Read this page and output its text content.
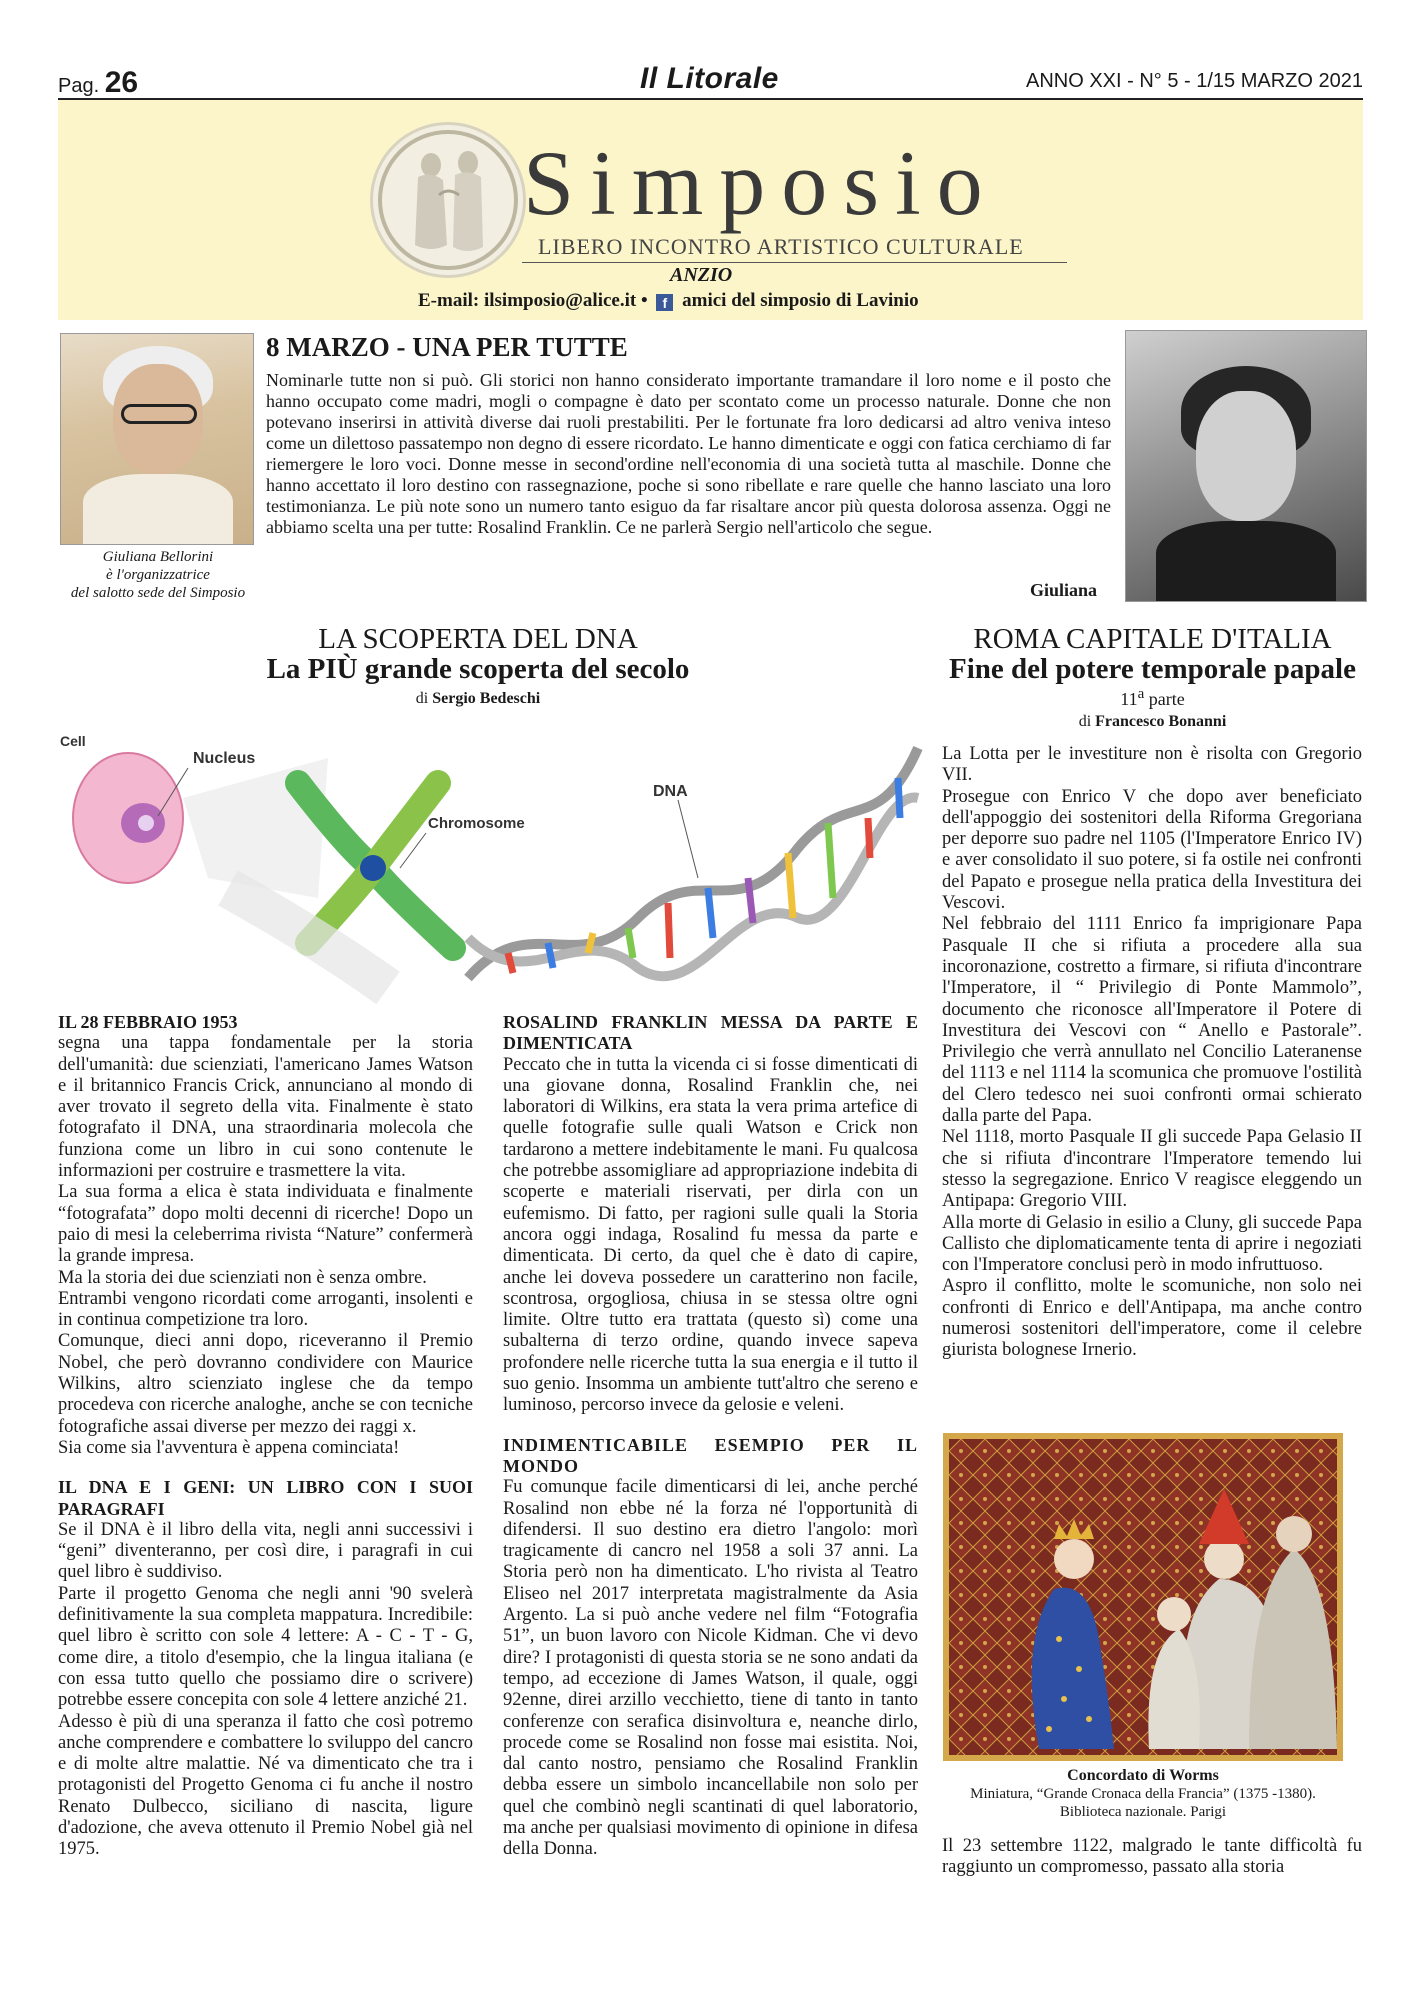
Pag. 26	Il Litorale	ANNO XXI - N° 5 - 1/15 MARZO 2021
Simposio
LIBERO INCONTRO ARTISTICO CULTURALE
ANZIO
E-mail: ilsimposio@alice.it • f amici del simposio di Lavinio
Giuliana Bellorini
è l'organizzatrice
del salotto sede del Simposio
8 MARZO - UNA PER TUTTE
Nominarle tutte non si può. Gli storici non hanno considerato importante tramandare il loro nome e il posto che hanno occupato come madri, mogli o compagne è dato per scontato come un processo naturale. Donne che non potevano inserirsi in attività diverse dai ruoli prestabiliti. Per le fortunate fra loro dedicarsi ad altro veniva inteso come un dilettoso passatempo non degno di essere ricordato. Le hanno dimenticate e oggi con fatica cerchiamo di far riemergere le loro voci. Donne messe in second'ordine nell'economia di una società tutta al maschile. Donne che hanno accettato il loro destino con rassegnazione, poche si sono ribellate e rare quelle che hanno lasciato una loro testimonianza. Le più note sono un numero tanto esiguo da far risaltare ancor più questa dolorosa assenza. Oggi ne abbiamo scelta una per tutte: Rosalind Franklin. Ce ne parlerà Sergio nell'articolo che segue.
Giuliana
LA SCOPERTA DEL DNA
La PIÙ grande scoperta del secolo
di Sergio Bedeschi
Cell
Nucleus
Chromosome
DNA

IL 28 FEBBRAIO 1953

segna una tappa fondamentale per la storia dell'umanità: due scienziati, l'americano James Watson e il britannico Francis Crick, annunciano al mondo di aver trovato il segreto della vita. Finalmente è stato fotografato il DNA, una straordinaria molecola che funziona come un libro in cui sono contenute le informazioni per costruire e trasmettere la vita.

La sua forma a elica è stata individuata e finalmente “fotografata” dopo molti decenni di ricerche! Dopo un paio di mesi la celeberrima rivista “Nature” confermerà la grande impresa.

Ma la storia dei due scienziati non è senza ombre.

Entrambi vengono ricordati come arroganti, insolenti e in continua competizione tra loro.

Comunque, dieci anni dopo, riceveranno il Premio Nobel, che però dovranno condividere con Maurice Wilkins, altro scienziato inglese che da tempo procedeva con ricerche analoghe, anche se con tecniche fotografiche assai diverse per mezzo dei raggi x.

Sia come sia l'avventura è appena cominciata!

IL DNA E I GENI: UN LIBRO CON I SUOI PARAGRAFI

Se il DNA è il libro della vita, negli anni successivi i “geni” diventeranno, per così dire, i paragrafi in cui quel libro è suddiviso.

Parte il progetto Genoma che negli anni '90 svelerà definitivamente la sua completa mappatura. Incredibile: quel libro è scritto con sole 4 lettere: A - C - T - G, come dire, a titolo d'esempio, che la lingua italiana (e con essa tutto quello che possiamo dire o scrivere) potrebbe essere concepita con sole 4 lettere anziché 21.

Adesso è più di una speranza il fatto che così potremo anche comprendere e combattere lo sviluppo del cancro e di molte altre malattie. Né va dimenticato che tra i protagonisti del Progetto Genoma ci fu anche il nostro Renato Dulbecco, siciliano di nascita, ligure d'adozione, che aveva ottenuto il Premio Nobel già nel 1975.

ROSALIND FRANKLIN MESSA DA PARTE E DIMENTICATA

Peccato che in tutta la vicenda ci si fosse dimenticati di una giovane donna, Rosalind Franklin che, nei laboratori di Wilkins, era stata la vera prima artefice di quelle fotografie sulle quali Watson e Crick non tardarono a mettere indebitamente le mani. Fu qualcosa che potrebbe assomigliare ad appropriazione indebita di scoperte e materiali riservati, per dirla con un eufemismo. Di fatto, per ragioni sulle quali la Storia ancora oggi indaga, Rosalind fu messa da parte e dimenticata. Di certo, da quel che è dato di capire, anche lei doveva possedere un caratterino non facile, scontrosa, orgogliosa, chiusa in se stessa oltre ogni limite. Oltre tutto era trattata (questo sì) come una subalterna di terzo ordine, quando invece sapeva profondere nelle ricerche tutta la sua energia e il tutto il suo genio. Insomma un ambiente tutt'altro che sereno e luminoso, percorso invece da gelosie e veleni.

INDIMENTICABILE ESEMPIO PER IL MONDO

Fu comunque facile dimenticarsi di lei, anche perché Rosalind non ebbe né la forza né l'opportunità di difendersi. Il suo destino era dietro l'angolo: morì tragicamente di cancro nel 1958 a soli 37 anni. La Storia però non ha dimenticato. L'ho rivista al Teatro Eliseo nel 2017 interpretata magistralmente da Asia Argento. La si può anche vedere nel film “Fotografia 51”, un buon lavoro con Nicole Kidman. Che vi devo dire? I protagonisti di questa storia se ne sono andati da tempo, ad eccezione di James Watson, il quale, oggi 92enne, direi arzillo vecchietto, tiene di tanto in tanto conferenze con serafica disinvoltura e, neanche dirlo, procede come se Rosalind non fosse mai esistita. Noi, dal canto nostro, pensiamo che Rosalind Franklin debba essere un simbolo incancellabile non solo per quel che combinò negli scantinati di quel laboratorio, ma anche per qualsiasi movimento di opinione in difesa della Donna.

ROMA CAPITALE D'ITALIA
Fine del potere temporale papale
11$^a$ parte
di Francesco Bonanni

La Lotta per le investiture non è risolta con Gregorio VII.

Prosegue con Enrico V che dopo aver beneficiato dell'appoggio dei sostenitori della Riforma Gregoriana per deporre suo padre nel 1105 (l'Imperatore Enrico IV) e aver consolidato il suo potere, si fa ostile nei confronti del Papato e prosegue nella pratica della Investitura dei Vescovi.

Nel febbraio del 1111 Enrico fa imprigionare Papa Pasquale II che si rifiuta a procedere alla sua incoronazione, costretto a firmare, si rifiuta d'incontrare l'Imperatore, il “ Privilegio di Ponte Mammolo”, documento che riconosce all'Imperatore il Potere di Investitura dei Vescovi con “ Anello e Pastorale”. Privilegio che verrà annullato nel Concilio Lateranense del 1113 e nel 1114 la scomunica che promuove l'ostilità del Clero tedesco nei suoi confronti ormai schierato dalla parte del Papa.

Nel 1118, morto Pasquale II gli succede Papa Gelasio II che si rifiuta d'incontrare l'Imperatore temendo lui stesso la segregazione. Enrico V reagisce eleggendo un Antipapa: Gregorio VIII.

Alla morte di Gelasio in esilio a Cluny, gli succede Papa Callisto che diplomaticamente tenta di aprire i negoziati con l'Imperatore conclusi però in modo infruttuoso.

Aspro il conflitto, molte le scomuniche, non solo nei confronti di Enrico e dell'Antipapa, ma anche contro numerosi sostenitori dell'imperatore, come il celebre giurista bolognese Irnerio.

Concordato di Worms
Miniatura, “Grande Cronaca della Francia” (1375 -1380).
Biblioteca nazionale. Parigi

Il 23 settembre 1122, malgrado le tante difficoltà fu raggiunto un compromesso, passato alla storia
